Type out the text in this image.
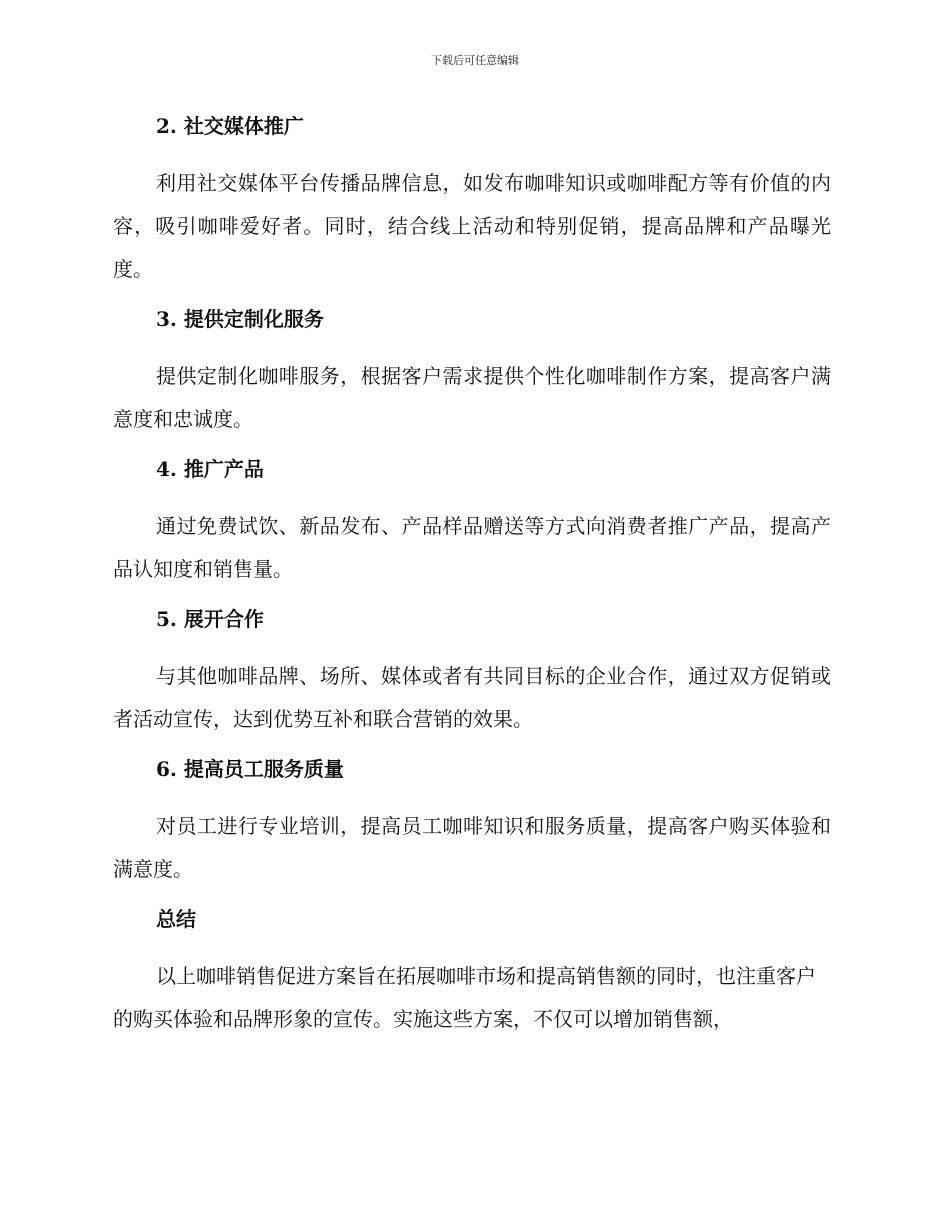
下载后可任意编辑
2. 社交媒体推广

利用社交媒体平台传播品牌信息，如发布咖啡知识或咖啡配方等有价值的内容，吸引咖啡爱好者。同时，结合线上活动和特别促销，提高品牌和产品曝光度。

3. 提供定制化服务

提供定制化咖啡服务，根据客户需求提供个性化咖啡制作方案，提高客户满意度和忠诚度。

4. 推广产品

通过免费试饮、新品发布、产品样品赠送等方式向消费者推广产品，提高产品认知度和销售量。

5. 展开合作

与其他咖啡品牌、场所、媒体或者有共同目标的企业合作，通过双方促销或者活动宣传，达到优势互补和联合营销的效果。

6. 提高员工服务质量

对员工进行专业培训，提高员工咖啡知识和服务质量，提高客户购买体验和满意度。

总结

以上咖啡销售促进方案旨在拓展咖啡市场和提高销售额的同时，也注重客户的购买体验和品牌形象的宣传。实施这些方案，不仅可以增加销售额，
